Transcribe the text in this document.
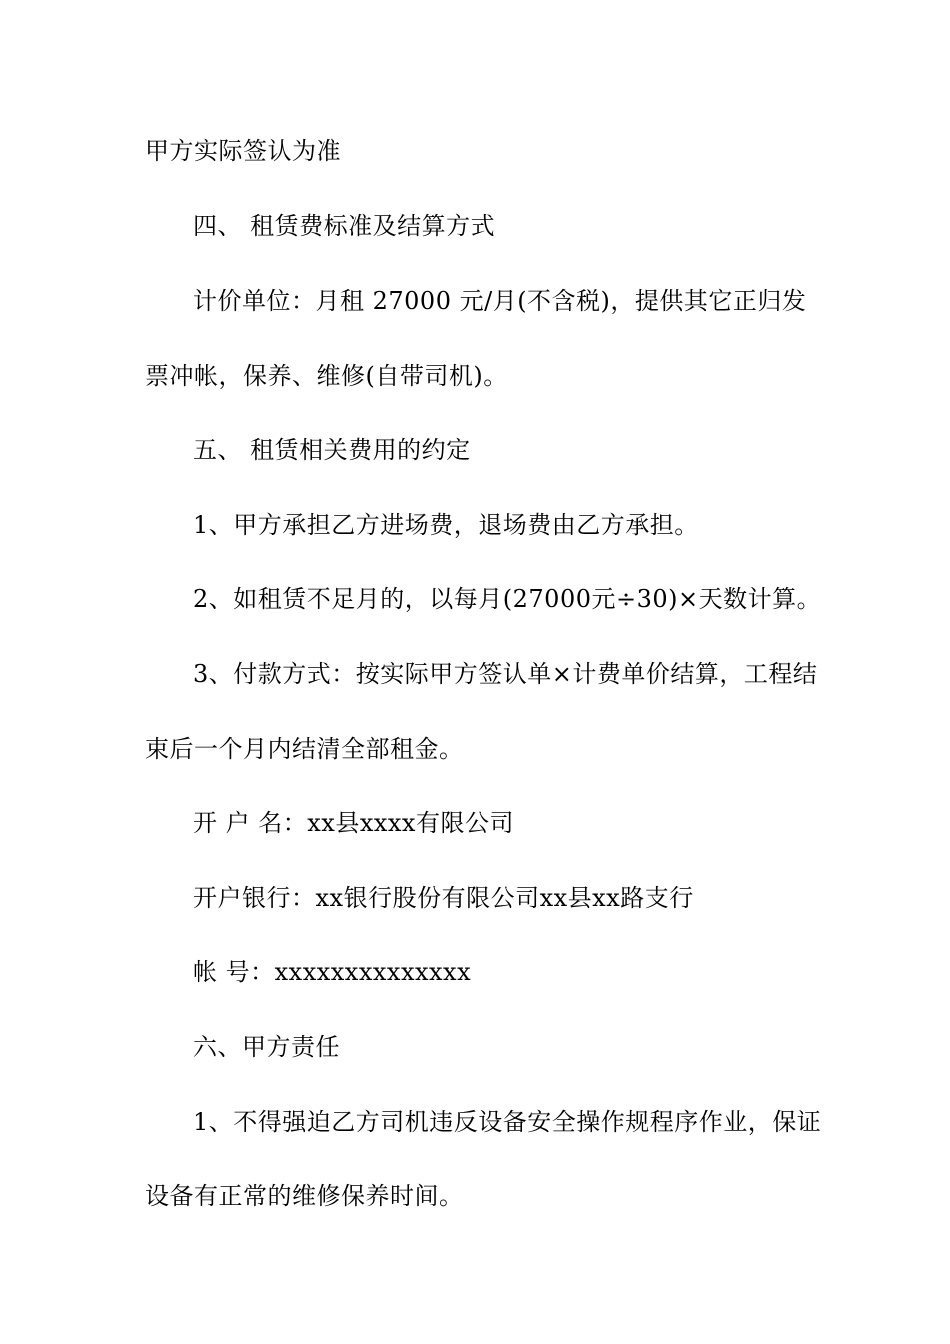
甲方实际签认为准
四、 租赁费标准及结算方式
计价单位：月租 27000 元/月(不含税)，提供其它正归发
票冲帐，保养、维修(自带司机)。
五、 租赁相关费用的约定
1、甲方承担乙方进场费，退场费由乙方承担。
2、如租赁不足月的，以每月(27000元÷30)×天数计算。
3、付款方式：按实际甲方签认单×计费单价结算，工程结
束后一个月内结清全部租金。
开 户 名：xx县xxxx有限公司
开户银行：xx银行股份有限公司xx县xx路支行
帐 号：xxxxxxxxxxxxxx
六、甲方责任
1、不得强迫乙方司机违反设备安全操作规程序作业，保证
设备有正常的维修保养时间。
